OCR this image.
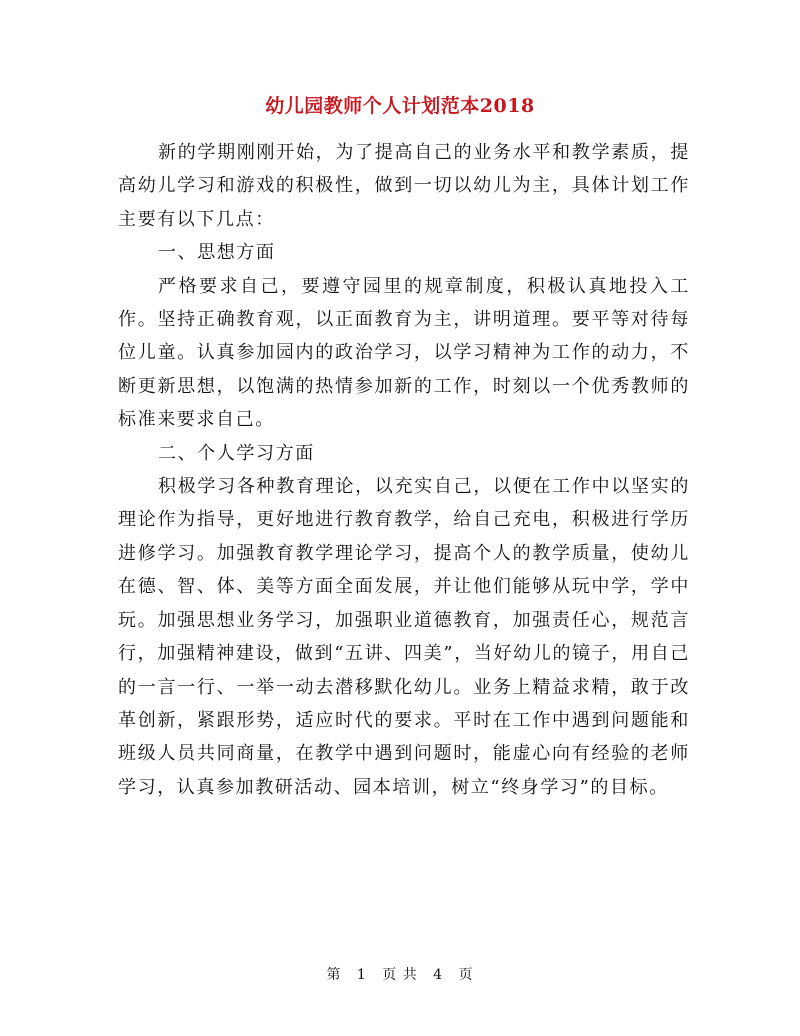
幼儿园教师个人计划范本2018

新的学期刚刚开始，为了提高自己的业务水平和教学素质，提高幼儿学习和游戏的积极性，做到一切以幼儿为主，具体计划工作主要有以下几点：

一、思想方面

严格要求自己，要遵守园里的规章制度，积极认真地投入工作。坚持正确教育观，以正面教育为主，讲明道理。要平等对待每位儿童。认真参加园内的政治学习，以学习精神为工作的动力，不断更新思想，以饱满的热情参加新的工作，时刻以一个优秀教师的标准来要求自己。

二、个人学习方面

积极学习各种教育理论，以充实自己，以便在工作中以坚实的理论作为指导，更好地进行教育教学，给自己充电，积极进行学历进修学习。加强教育教学理论学习，提高个人的教学质量，使幼儿在德、智、体、美等方面全面发展，并让他们能够从玩中学，学中玩。加强思想业务学习，加强职业道德教育，加强责任心，规范言行，加强精神建设，做到“五讲、四美”，当好幼儿的镜子，用自己的一言一行、一举一动去潜移默化幼儿。业务上精益求精，敢于改革创新，紧跟形势，适应时代的要求。平时在工作中遇到问题能和班级人员共同商量，在教学中遇到问题时，能虚心向有经验的老师学习，认真参加教研活动、园本培训，树立“终身学习”的目标。

第 1 页 共 4 页
